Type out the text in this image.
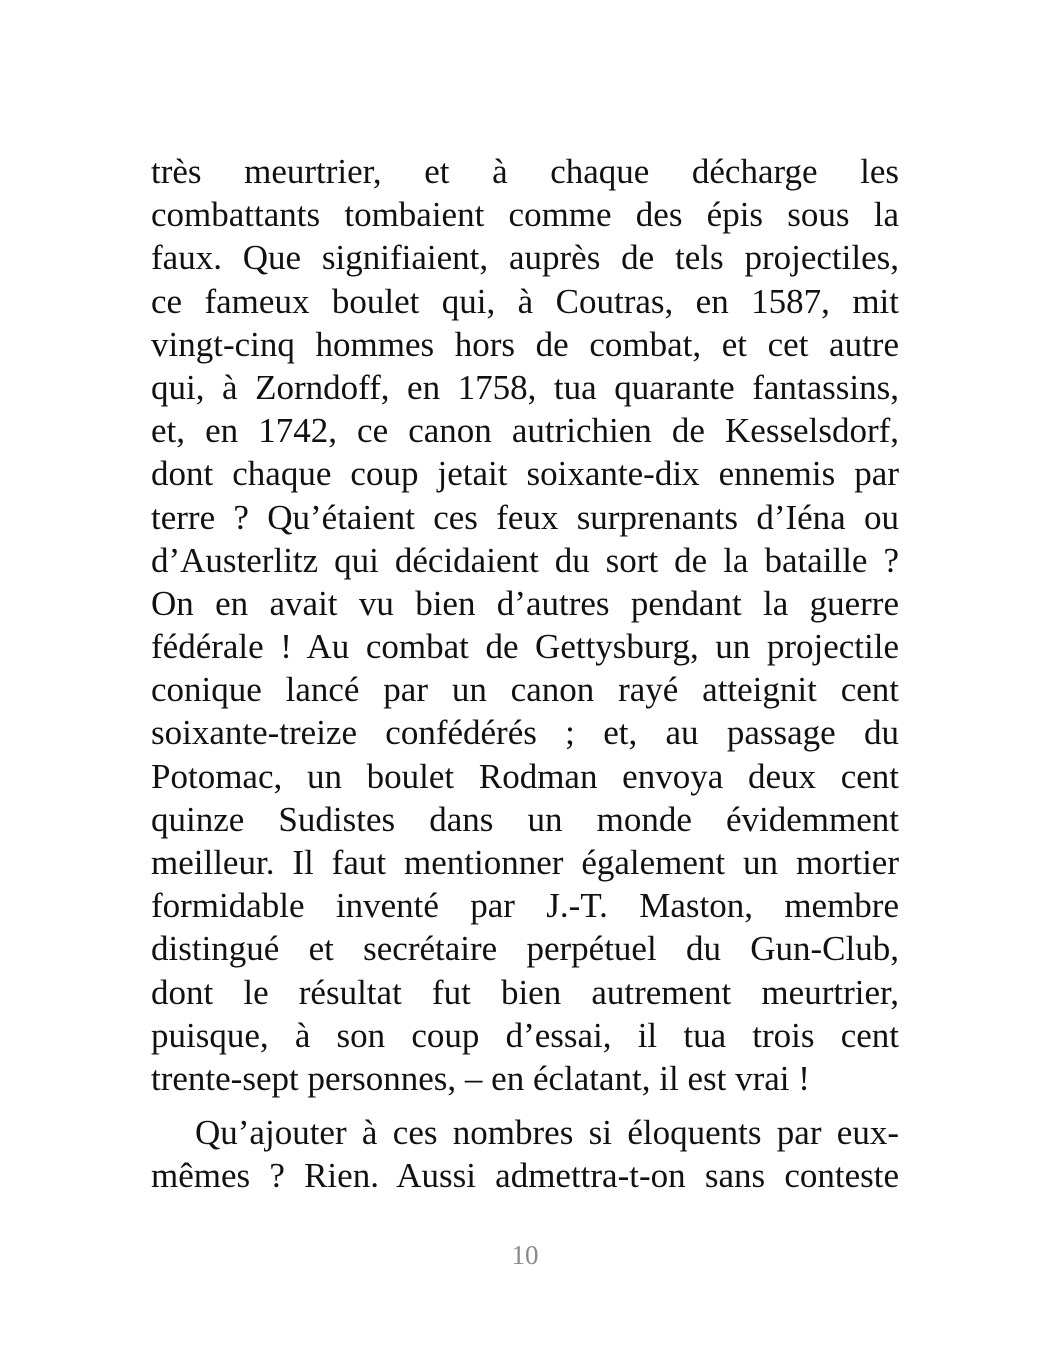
très meurtrier, et à chaque décharge les
combattants tombaient comme des épis sous la
faux. Que signifiaient, auprès de tels projectiles,
ce fameux boulet qui, à Coutras, en 1587, mit
vingt-cinq hommes hors de combat, et cet autre
qui, à Zorndoff, en 1758, tua quarante fantassins,
et, en 1742, ce canon autrichien de Kesselsdorf,
dont chaque coup jetait soixante-dix ennemis par
terre ? Qu’étaient ces feux surprenants d’Iéna ou
d’Austerlitz qui décidaient du sort de la bataille ?
On en avait vu bien d’autres pendant la guerre
fédérale ! Au combat de Gettysburg, un projectile
conique lancé par un canon rayé atteignit cent
soixante-treize confédérés ; et, au passage du
Potomac, un boulet Rodman envoya deux cent
quinze Sudistes dans un monde évidemment
meilleur. Il faut mentionner également un mortier
formidable inventé par J.-T. Maston, membre
distingué et secrétaire perpétuel du Gun-Club,
dont le résultat fut bien autrement meurtrier,
puisque, à son coup d’essai, il tua trois cent
trente-sept personnes, – en éclatant, il est vrai !
Qu’ajouter à ces nombres si éloquents par eux-
mêmes ? Rien. Aussi admettra-t-on sans conteste
10
